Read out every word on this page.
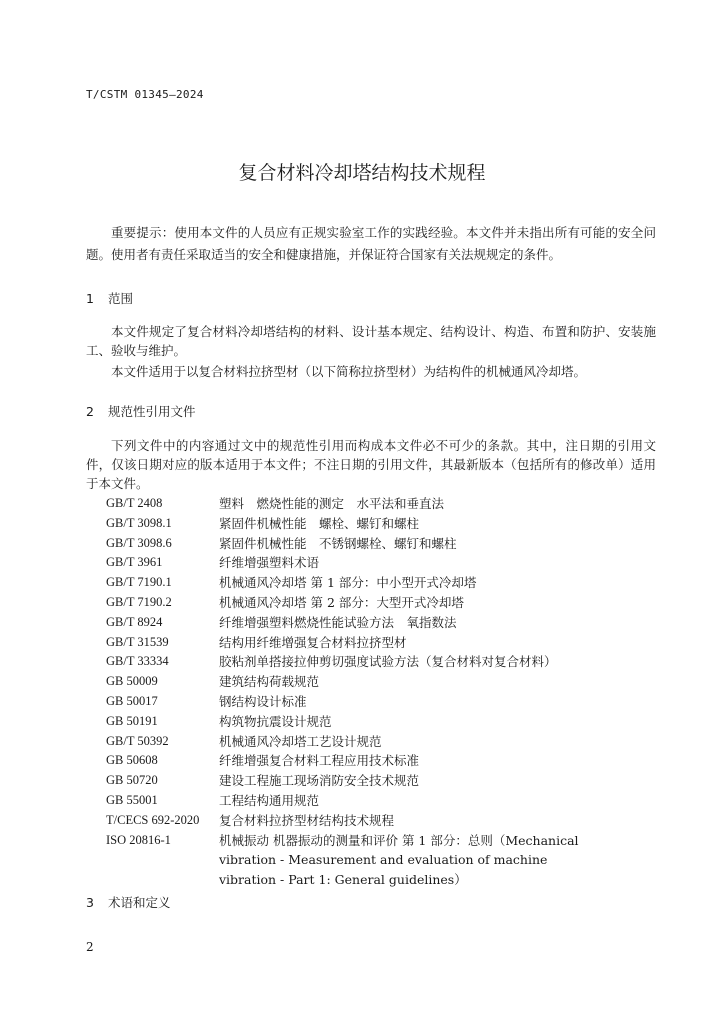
T/CSTM 01345—2024
复合材料冷却塔结构技术规程
重要提示：使用本文件的人员应有正规实验室工作的实践经验。本文件并未指出所有可能的安全问题。使用者有责任采取适当的安全和健康措施，并保证符合国家有关法规规定的条件。
1 范围
本文件规定了复合材料冷却塔结构的材料、设计基本规定、结构设计、构造、布置和防护、安装施工、验收与维护。
本文件适用于以复合材料拉挤型材（以下简称拉挤型材）为结构件的机械通风冷却塔。
2 规范性引用文件
下列文件中的内容通过文中的规范性引用而构成本文件必不可少的条款。其中，注日期的引用文件，仅该日期对应的版本适用于本文件；不注日期的引用文件，其最新版本（包括所有的修改单）适用于本文件。
GB/T 2408	塑料　燃烧性能的测定　水平法和垂直法
GB/T 3098.1	紧固件机械性能　螺栓、螺钉和螺柱
GB/T 3098.6	紧固件机械性能　不锈钢螺栓、螺钉和螺柱
GB/T 3961	纤维增强塑料术语
GB/T 7190.1	机械通风冷却塔 第 1 部分：中小型开式冷却塔
GB/T 7190.2	机械通风冷却塔 第 2 部分：大型开式冷却塔
GB/T 8924	纤维增强塑料燃烧性能试验方法　氧指数法
GB/T 31539	结构用纤维增强复合材料拉挤型材
GB/T 33334	胶粘剂单搭接拉伸剪切强度试验方法（复合材料对复合材料）
GB 50009	建筑结构荷载规范
GB 50017	钢结构设计标准
GB 50191	构筑物抗震设计规范
GB/T 50392	机械通风冷却塔工艺设计规范
GB 50608	纤维增强复合材料工程应用技术标准
GB 50720	建设工程施工现场消防安全技术规范
GB 55001	工程结构通用规范
T/CECS 692-2020	复合材料拉挤型材结构技术规程
ISO 20816-1	机械振动 机器振动的测量和评价 第 1 部分：总则（Mechanical vibration - Measurement and evaluation of machine vibration - Part 1: General guidelines）
3 术语和定义
2
